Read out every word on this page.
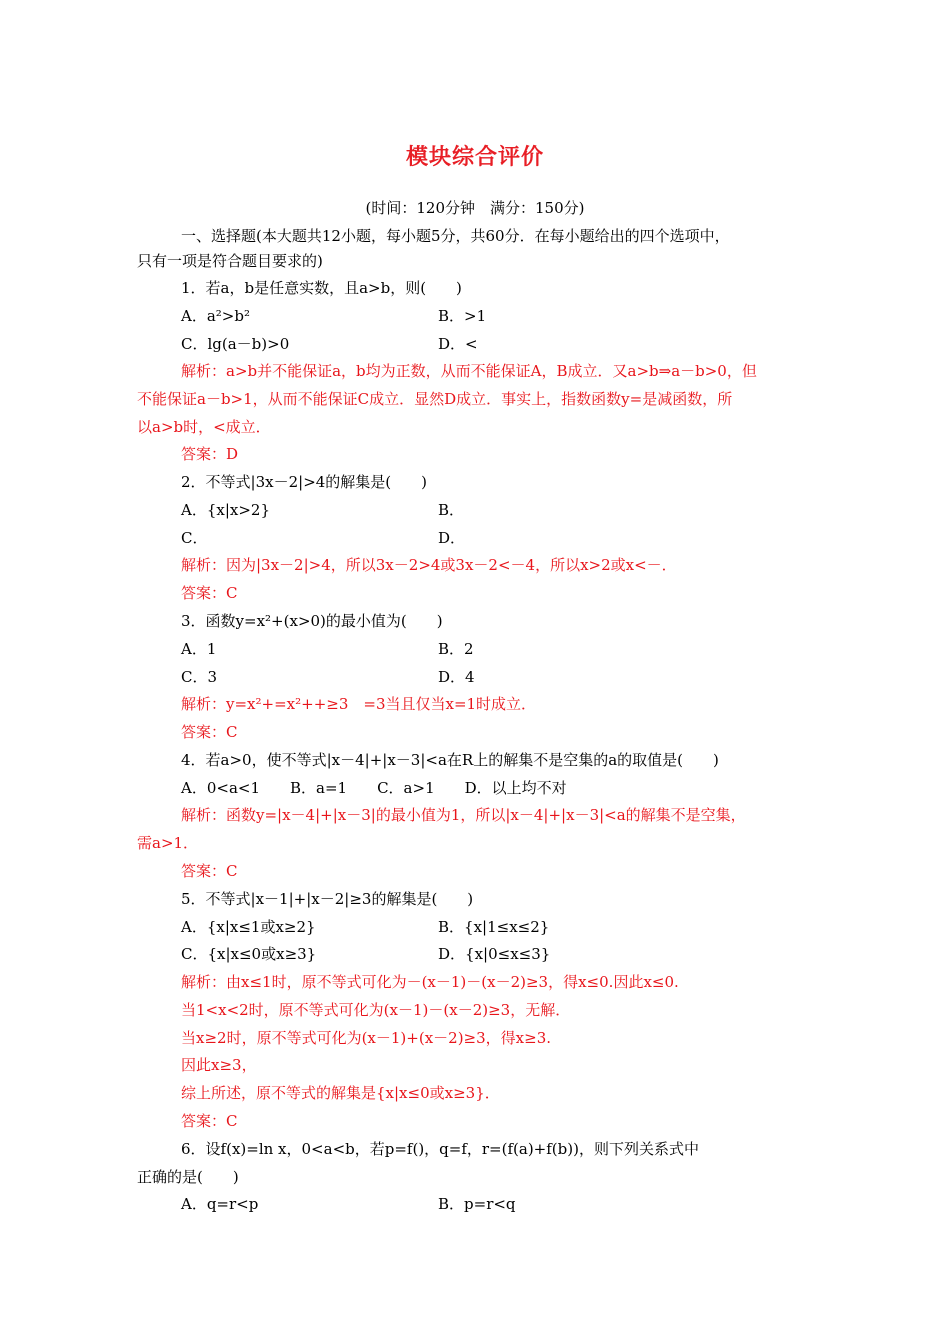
模块综合评价
(时间：120分钟　满分：150分)
一、选择题(本大题共12小题，每小题5分，共60分．在每小题给出的四个选项中，
只有一项是符合题目要求的)
1．若a，b是任意实数，且a>b，则(　　)
A．a²>b²	B．>1
C．lg(a－b)>0	D．<
解析：a>b并不能保证a，b均为正数，从而不能保证A，B成立．又a>b⇒a－b>0，但
不能保证a－b>1，从而不能保证C成立．显然D成立．事实上，指数函数y=是减函数，所
以a>b时，<成立．
答案：D
2．不等式|3x－2|>4的解集是(　　)
A．{x|x>2}	B．
C．	D．
解析：因为|3x－2|>4，所以3x－2>4或3x－2<－4，所以x>2或x<－．
答案：C
3．函数y=x²+(x>0)的最小值为(　　)
A．1	B．2
C．3	D．4
解析：y=x²+=x²++≥3　=3当且仅当x=1时成立．
答案：C
4．若a>0，使不等式|x－4|+|x－3|<a在R上的解集不是空集的a的取值是(　　)
A．0<a<1　　B．a=1　　C．a>1　　D．以上均不对
解析：函数y=|x－4|+|x－3|的最小值为1，所以|x－4|+|x－3|<a的解集不是空集，
需a>1．
答案：C
5．不等式|x－1|+|x－2|≥3的解集是(　　)
A．{x|x≤1或x≥2}	B．{x|1≤x≤2}
C．{x|x≤0或x≥3}	D．{x|0≤x≤3}
解析：由x≤1时，原不等式可化为－(x－1)－(x－2)≥3，得x≤0.因此x≤0.
当1<x<2时，原不等式可化为(x－1)－(x－2)≥3，无解．
当x≥2时，原不等式可化为(x－1)+(x－2)≥3，得x≥3.
因此x≥3，
综上所述，原不等式的解集是{x|x≤0或x≥3}．
答案：C
6．设f(x)=ln x，0<a<b，若p=f()，q=f，r=(f(a)+f(b))，则下列关系式中
正确的是(　　)
A．q=r<p	B．p=r<q
